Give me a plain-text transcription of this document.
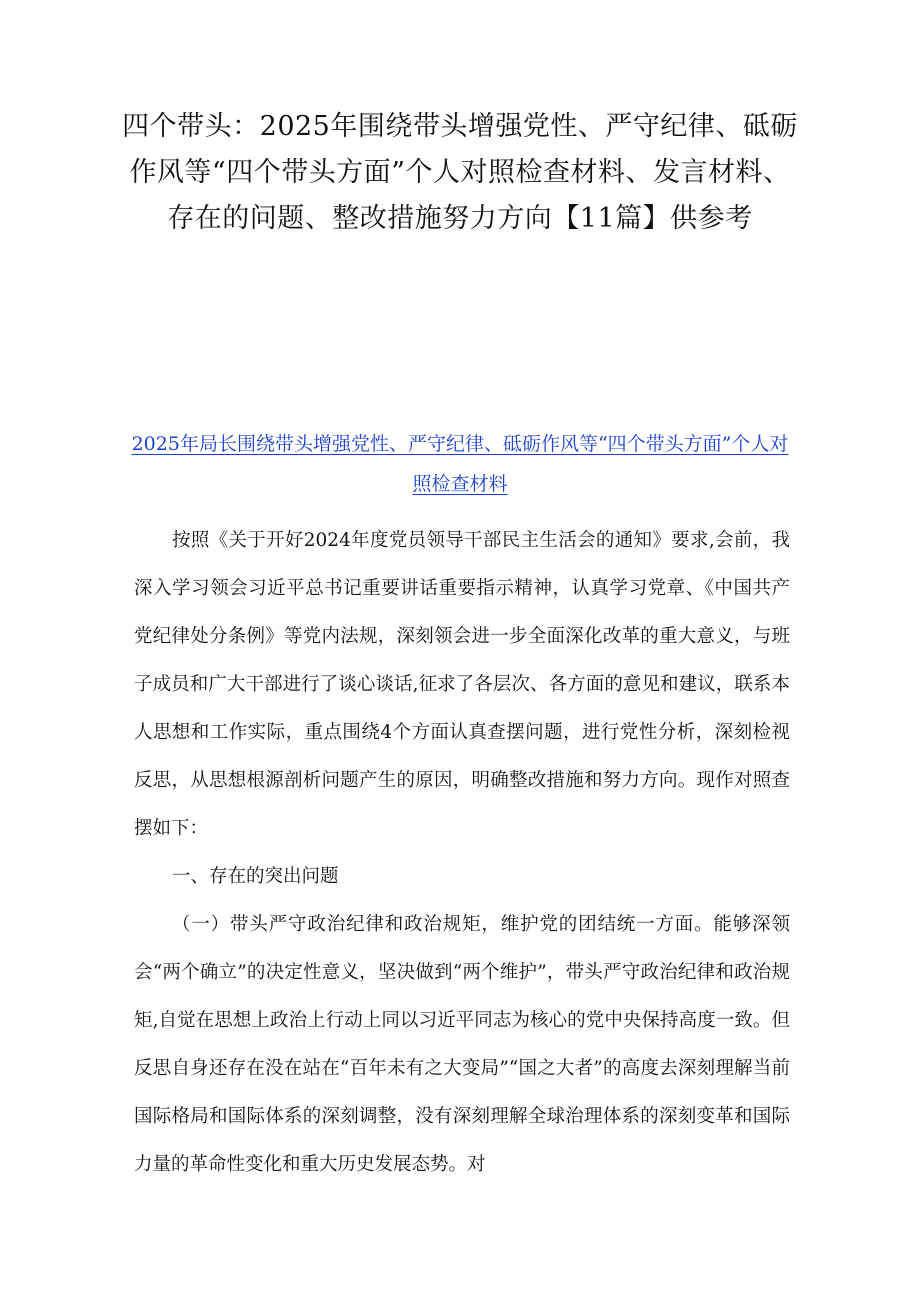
四个带头：2025年围绕带头增强党性、严守纪律、砥砺作风等“四个带头方面”个人对照检查材料、发言材料、存在的问题、整改措施努力方向【11篇】供参考

2025年局长围绕带头增强党性、严守纪律、砥砺作风等“四个带头方面”个人对照检查材料

按照《关于开好2024年度党员领导干部民主生活会的通知》要求,会前，我深入学习领会习近平总书记重要讲话重要指示精神，认真学习党章、《中国共产党纪律处分条例》等党内法规，深刻领会进一步全面深化改革的重大意义，与班子成员和广大干部进行了谈心谈话,征求了各层次、各方面的意见和建议，联系本人思想和工作实际，重点围绕4个方面认真查摆问题，进行党性分析，深刻检视反思，从思想根源剖析问题产生的原因，明确整改措施和努力方向。现作对照查摆如下：

一、存在的突出问题

（一）带头严守政治纪律和政治规矩，维护党的团结统一方面。能够深领会“两个确立”的决定性意义，坚决做到“两个维护”，带头严守政治纪律和政治规矩,自觉在思想上政治上行动上同以习近平同志为核心的党中央保持高度一致。但反思自身还存在没在站在“百年未有之大变局”“国之大者”的高度去深刻理解当前国际格局和国际体系的深刻调整，没有深刻理解全球治理体系的深刻变革和国际力量的革命性变化和重大历史发展态势。对
